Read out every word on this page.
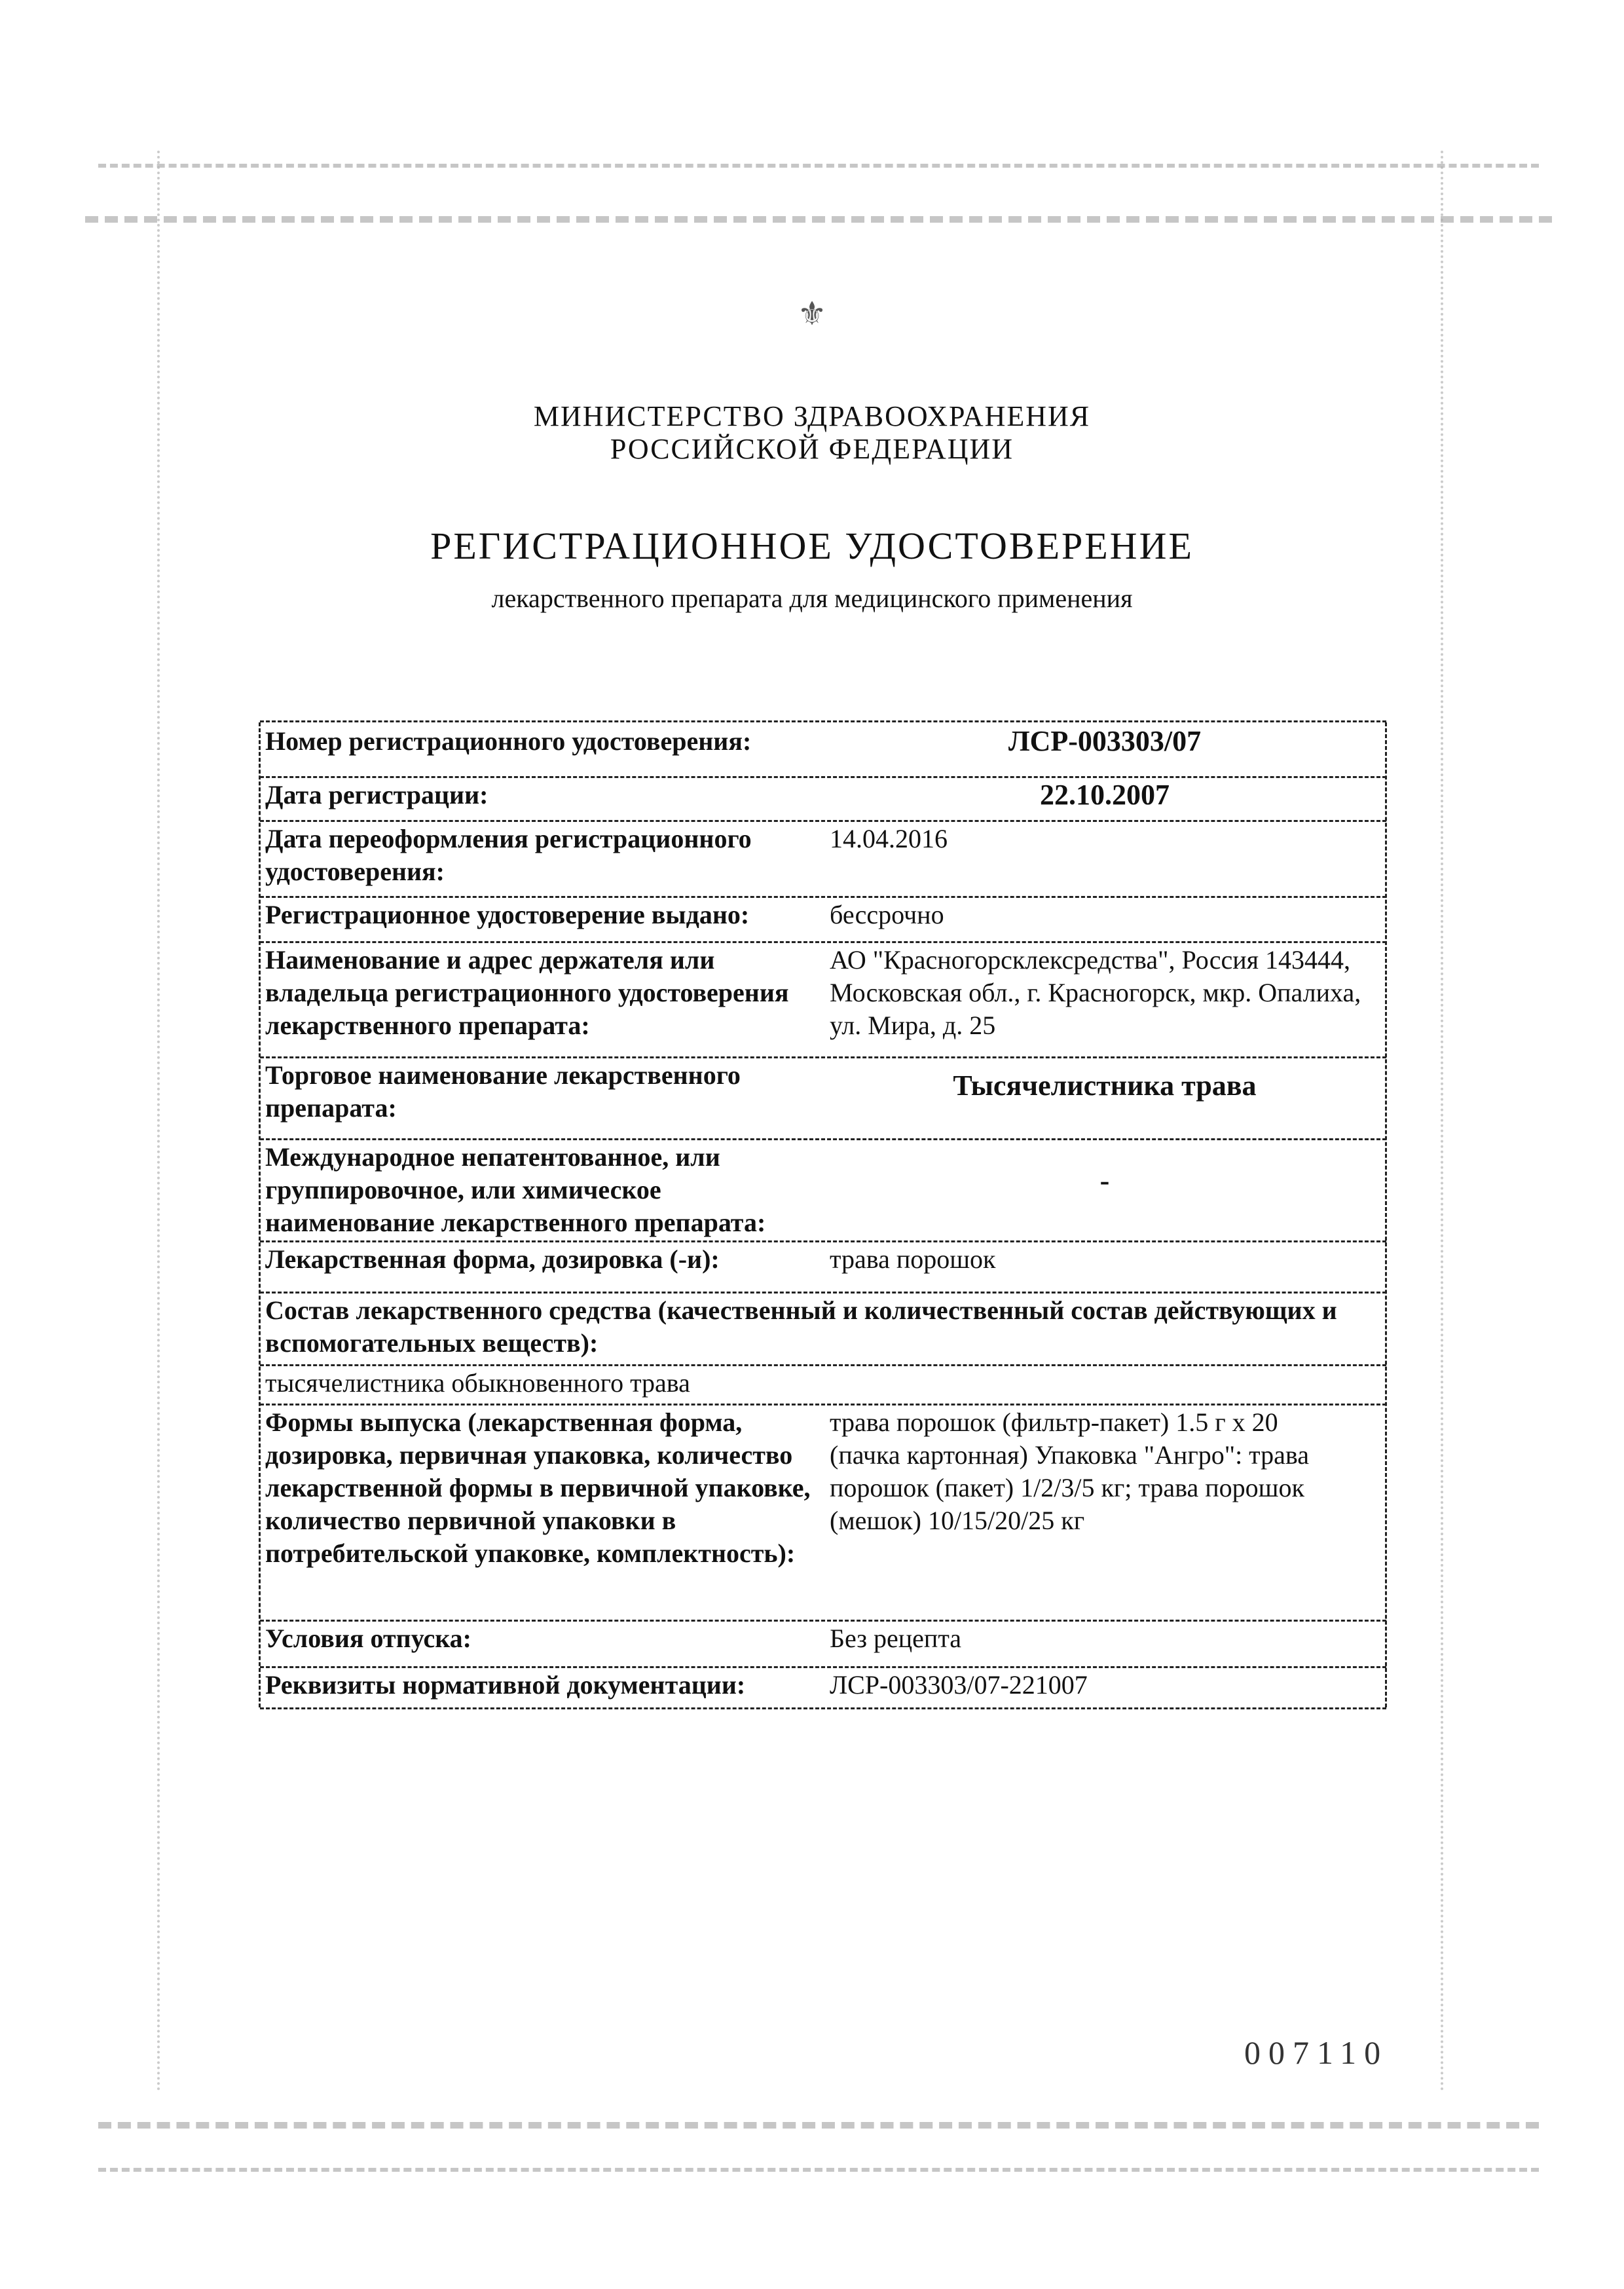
⚜
МИНИСТЕРСТВО ЗДРАВООХРАНЕНИЯ
РОССИЙСКОЙ ФЕДЕРАЦИИ
РЕГИСТРАЦИОННОЕ УДОСТОВЕРЕНИЕ
лекарственного препарата для медицинского применения
Номер регистрационного удостоверения:	ЛСР-003303/07
Дата регистрации:	22.10.2007
Дата переоформления регистрационного удостоверения:
14.04.2016
Регистрационное удостоверение выдано:	бессрочно
Наименование и адрес держателя или владельца регистрационного удостоверения лекарственного препарата:
АО "Красногорсклексредства", Россия 143444, Московская обл., г. Красногорск, мкр. Опалиха, ул. Мира, д. 25
Торговое наименование лекарственного препарата:
Тысячелистника трава
Международное непатентованное, или группировочное, или химическое наименование лекарственного препарата:
-
Лекарственная форма, дозировка (-и):	трава порошок
Состав лекарственного средства (качественный и количественный состав действующих и вспомогательных веществ):
тысячелистника обыкновенного трава
Формы выпуска (лекарственная форма, дозировка, первичная упаковка, количество лекарственной формы в первичной упаковке, количество первичной упаковки в потребительской упаковке, комплектность):
трава порошок (фильтр-пакет) 1.5 г х 20 (пачка картонная) Упаковка "Ангро": трава порошок (пакет) 1/2/3/5 кг; трава порошок (мешок) 10/15/20/25 кг
Условия отпуска:	Без рецепта
Реквизиты нормативной документации:	ЛСР-003303/07-221007
007110
